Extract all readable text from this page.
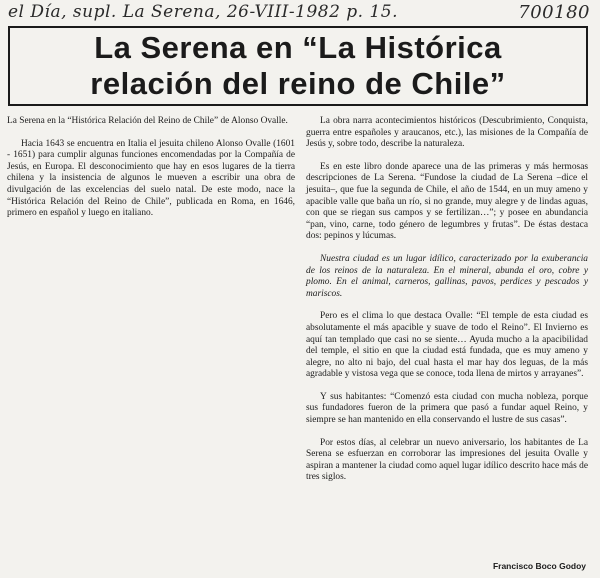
el Día, supl. La Serena, 26-VIII-1982 p. 15.	700180
La Serena en “La Histórica
relación del reino de Chile”

La Serena en la “Histórica Relación del Reino de Chile” de Alonso Ovalle.

Hacia 1643 se encuentra en Italia el jesuita chileno Alonso Ovalle (1601 - 1651) para cumplir algunas funciones encomendadas por la Compañía de Jesús, en Europa. El desconocimiento que hay en esos lugares de la tierra chilena y la insistencia de algunos le mueven a escribir una obra de divulgación de las excelencias del suelo natal. De este modo, nace la “Histórica Relación del Reino de Chile”, publicada en Roma, en 1646, primero en español y luego en italiano.

La obra narra acontecimientos históricos (Descubrimiento, Conquista, guerra entre españoles y araucanos, etc.), las misiones de la Compañía de Jesús y, sobre todo, describe la naturaleza.

Es en este libro donde aparece una de las primeras y más hermosas descripciones de La Serena. “Fundose la ciudad de La Serena –dice el jesuita–, que fue la segunda de Chile, el año de 1544, en un muy ameno y apacible valle que baña un río, si no grande, muy alegre y de lindas aguas, con que se riegan sus campos y se fertilizan…”; y posee en abundancia “pan, vino, carne, todo género de legumbres y frutas”. De éstas destaca dos: pepinos y lúcumas.

Nuestra ciudad es un lugar idílico, caracterizado por la exuberancia de los reinos de la naturaleza. En el mineral, abunda el oro, cobre y plomo. En el animal, carneros, gallinas, pavos, perdices y pescados y mariscos.

Pero es el clima lo que destaca Ovalle: “El temple de esta ciudad es absolutamente el más apacible y suave de todo el Reino”. El Invierno es aquí tan templado que casi no se siente… Ayuda mucho a la apacibilidad del temple, el sitio en que la ciudad está fundada, que es muy ameno y alegre, no alto ni bajo, del cual hasta el mar hay dos leguas, de la más agradable y vistosa vega que se conoce, toda llena de mirtos y arrayanes”.

Y sus habitantes: “Comenzó esta ciudad con mucha nobleza, porque sus fundadores fueron de la primera que pasó a fundar aquel Reino, y siempre se han mantenido en ella conservando el lustre de sus casas”.

Por estos días, al celebrar un nuevo aniversario, los habitantes de La Serena se esfuerzan en corroborar las impresiones del jesuita Ovalle y aspiran a mantener la ciudad como aquel lugar idílico descrito hace más de tres siglos.

Francisco Boco Godoy
